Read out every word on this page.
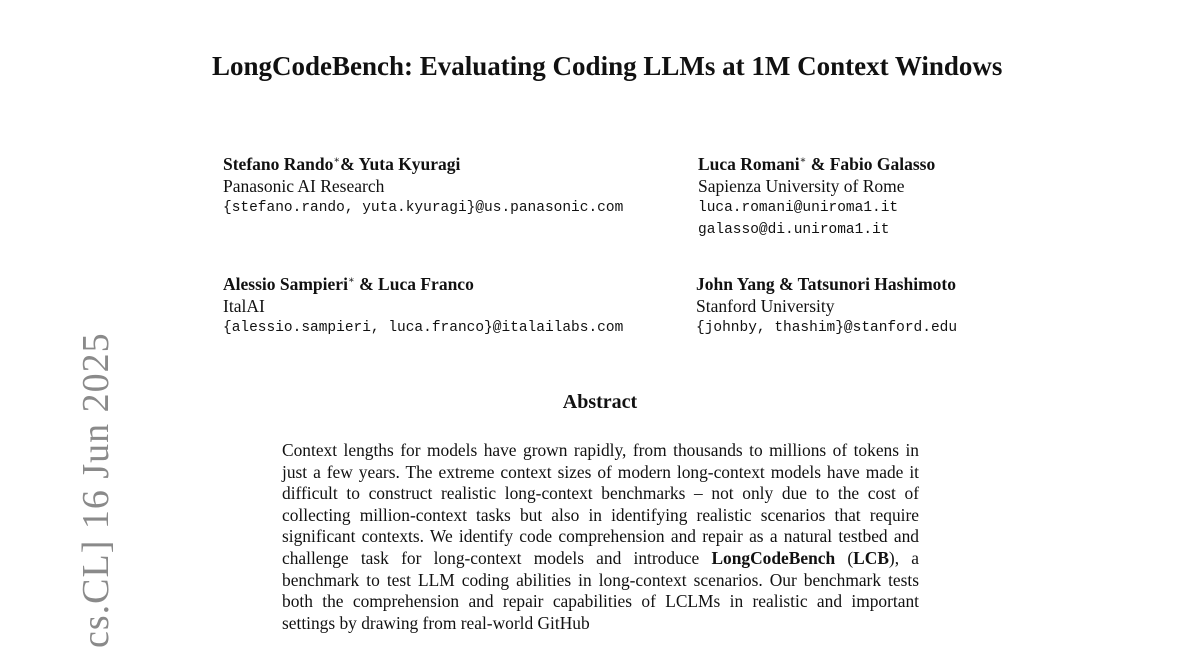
cs.CL] 16 Jun 2025
LongCodeBench: Evaluating Coding LLMs at 1M Context Windows
Stefano Rando∗& Yuta Kyuragi
Panasonic AI Research
{stefano.rando, yuta.kyuragi}@us.panasonic.com
Luca Romani∗ & Fabio Galasso
Sapienza University of Rome
luca.romani@uniroma1.it
galasso@di.uniroma1.it
Alessio Sampieri∗ & Luca Franco
ItalAI
{alessio.sampieri, luca.franco}@italailabs.com
John Yang & Tatsunori Hashimoto
Stanford University
{johnby, thashim}@stanford.edu
Abstract

Context lengths for models have grown rapidly, from thousands to millions of tokens in just a few years. The extreme context sizes of modern long-context models have made it difficult to construct realistic long-context benchmarks – not only due to the cost of collecting million-context tasks but also in identifying realistic scenarios that require significant contexts. We identify code comprehension and repair as a natural testbed and challenge task for long-context models and introduce LongCodeBench (LCB), a benchmark to test LLM coding abilities in long-context scenarios. Our benchmark tests both the comprehension and repair capabilities of LCLMs in realistic and important settings by drawing from real-world GitHub
